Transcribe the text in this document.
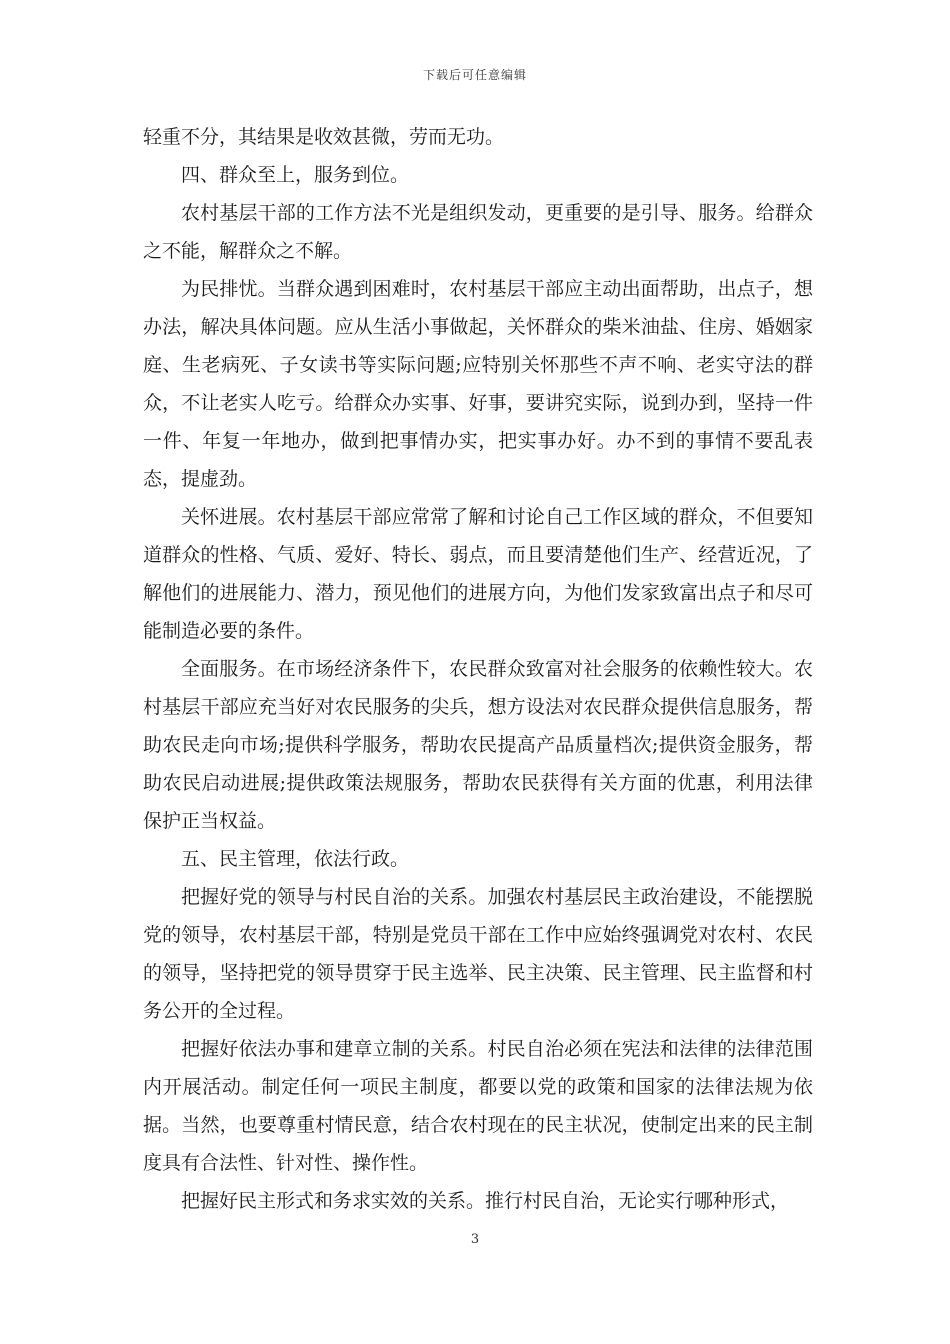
下载后可任意编辑

轻重不分，其结果是收效甚微，劳而无功。

四、群众至上，服务到位。

农村基层干部的工作方法不光是组织发动，更重要的是引导、服务。给群众之不能，解群众之不解。

为民排忧。当群众遇到困难时，农村基层干部应主动出面帮助，出点子，想办法，解决具体问题。应从生活小事做起，关怀群众的柴米油盐、住房、婚姻家庭、生老病死、子女读书等实际问题;应特别关怀那些不声不响、老实守法的群众，不让老实人吃亏。给群众办实事、好事，要讲究实际，说到办到，坚持一件一件、年复一年地办，做到把事情办实，把实事办好。办不到的事情不要乱表态，提虚劲。

关怀进展。农村基层干部应常常了解和讨论自己工作区域的群众，不但要知道群众的性格、气质、爱好、特长、弱点，而且要清楚他们生产、经营近况，了解他们的进展能力、潜力，预见他们的进展方向，为他们发家致富出点子和尽可能制造必要的条件。

全面服务。在市场经济条件下，农民群众致富对社会服务的依赖性较大。农村基层干部应充当好对农民服务的尖兵，想方设法对农民群众提供信息服务，帮助农民走向市场;提供科学服务，帮助农民提高产品质量档次;提供资金服务，帮助农民启动进展;提供政策法规服务，帮助农民获得有关方面的优惠，利用法律保护正当权益。

五、民主管理，依法行政。

把握好党的领导与村民自治的关系。加强农村基层民主政治建设，不能摆脱党的领导，农村基层干部，特别是党员干部在工作中应始终强调党对农村、农民的领导，坚持把党的领导贯穿于民主选举、民主决策、民主管理、民主监督和村务公开的全过程。

把握好依法办事和建章立制的关系。村民自治必须在宪法和法律的法律范围内开展活动。制定任何一项民主制度，都要以党的政策和国家的法律法规为依据。当然，也要尊重村情民意，结合农村现在的民主状况，使制定出来的民主制度具有合法性、针对性、操作性。

把握好民主形式和务求实效的关系。推行村民自治，无论实行哪种形式，

3
